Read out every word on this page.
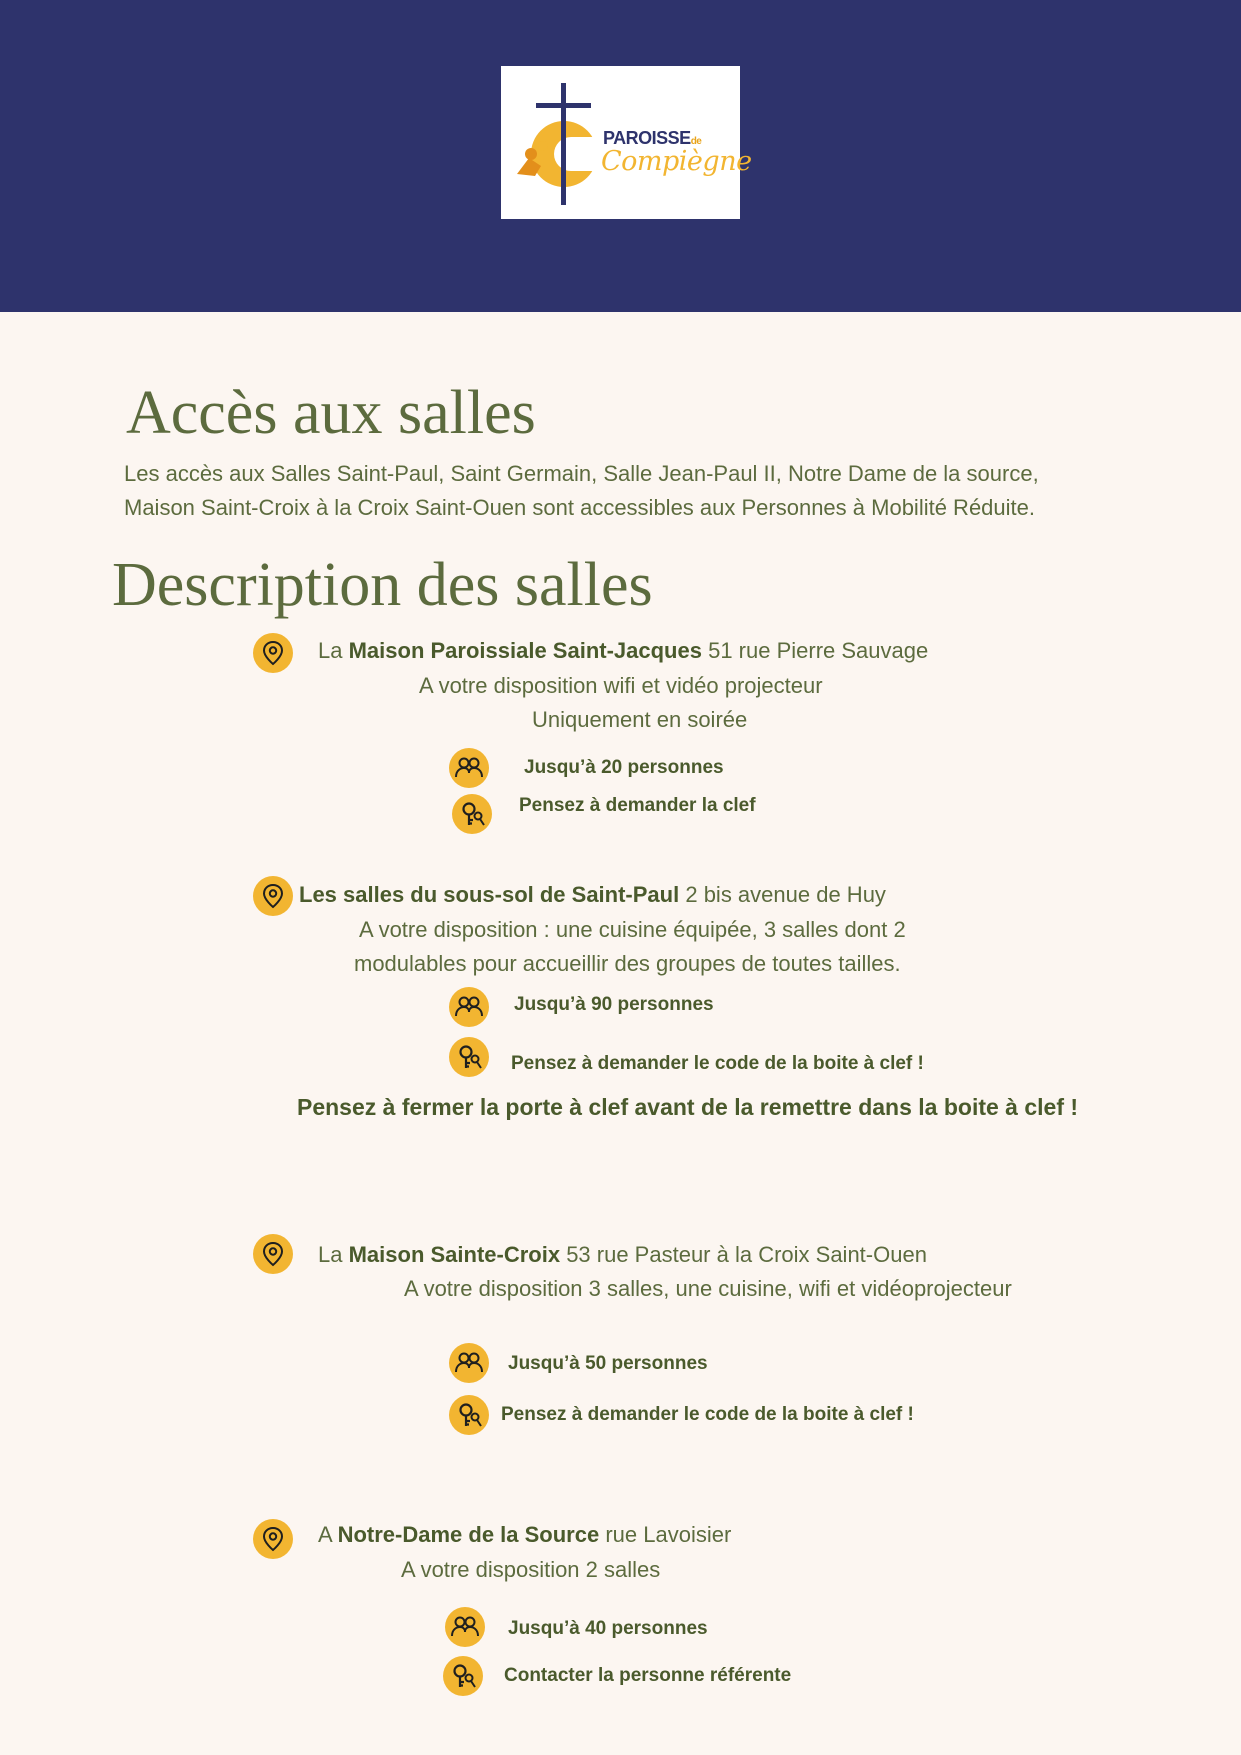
PAROISSEde
Compiègne
Accès aux salles

Les accès aux Salles Saint-Paul, Saint Germain, Salle Jean-Paul II, Notre Dame de la source,

Maison Saint-Croix à la Croix Saint-Ouen sont accessibles aux Personnes à Mobilité Réduite.

Description des salles
La Maison Paroissiale Saint-Jacques 51 rue Pierre Sauvage
A votre disposition wifi et vidéo projecteur
Uniquement en soirée
Jusqu’à 20 personnes
Pensez à demander la clef
Les salles du sous-sol de Saint-Paul 2 bis avenue de Huy
A votre disposition : une cuisine équipée, 3 salles dont 2
modulables pour accueillir des groupes de toutes tailles.
Jusqu’à 90 personnes
Pensez à demander le code de la boite à clef !
Pensez à fermer la porte à clef avant de la remettre dans la boite à clef !
La Maison Sainte-Croix 53 rue Pasteur à la Croix Saint-Ouen
A votre disposition 3 salles, une cuisine, wifi et vidéoprojecteur
Jusqu’à 50 personnes
Pensez à demander le code de la boite à clef !
A Notre-Dame de la Source rue Lavoisier
A votre disposition 2 salles
Jusqu’à 40 personnes
Contacter la personne référente
